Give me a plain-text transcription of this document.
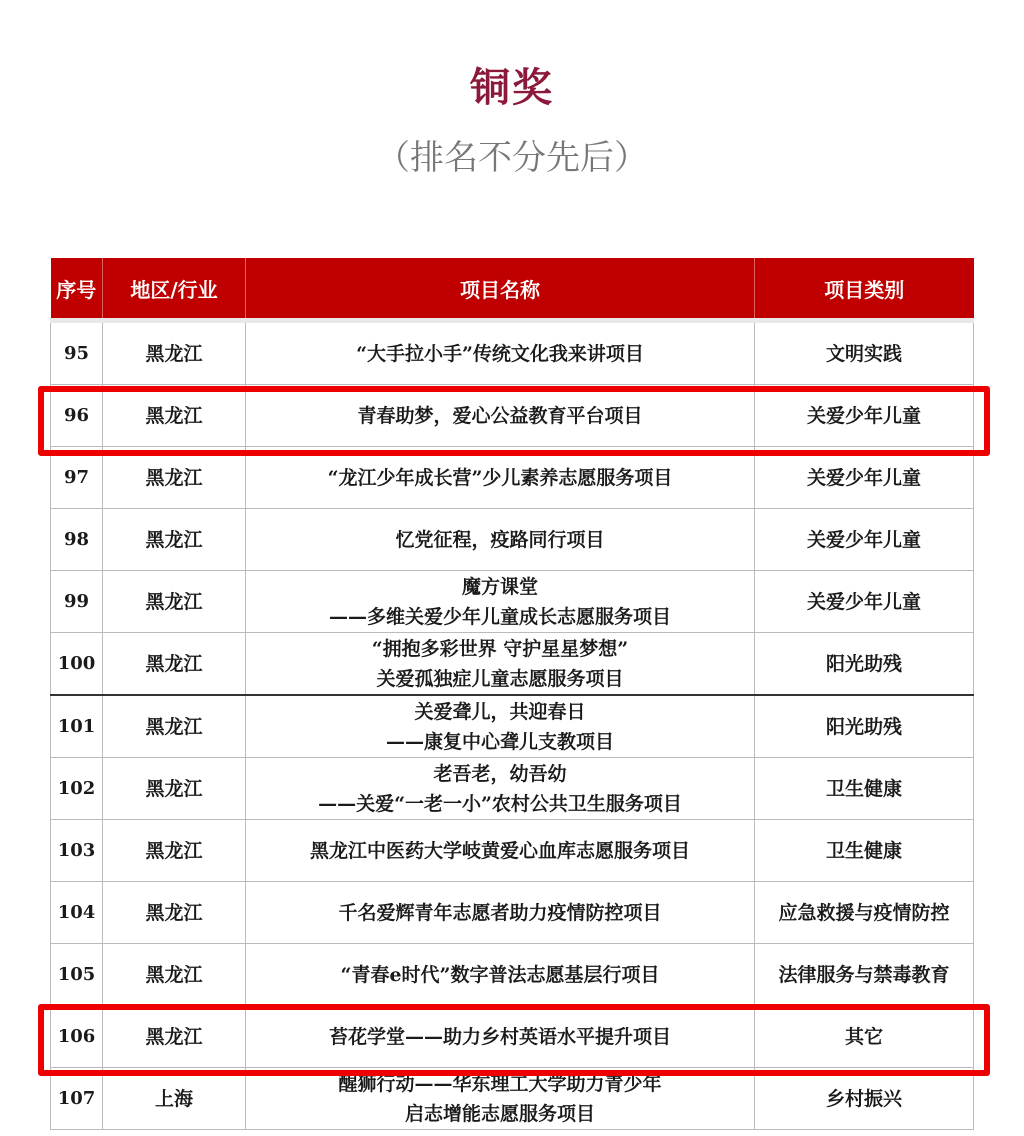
铜奖
（排名不分先后）
序号	地区/行业	项目名称	项目类别
95	黑龙江	“大手拉小手”传统文化我来讲项目	文明实践
96	黑龙江	青春助梦，爱心公益教育平台项目	关爱少年儿童
97	黑龙江	“龙江少年成长营”少儿素养志愿服务项目	关爱少年儿童
98	黑龙江	忆党征程，疫路同行项目	关爱少年儿童
99	黑龙江	魔方课堂
——多维关爱少年儿童成长志愿服务项目	关爱少年儿童
100	黑龙江	“拥抱多彩世界 守护星星梦想”
关爱孤独症儿童志愿服务项目	阳光助残
101	黑龙江	关爱聋儿，共迎春日
——康复中心聋儿支教项目	阳光助残
102	黑龙江	老吾老，幼吾幼
——关爱“一老一小”农村公共卫生服务项目	卫生健康
103	黑龙江	黑龙江中医药大学岐黄爱心血库志愿服务项目	卫生健康
104	黑龙江	千名爱辉青年志愿者助力疫情防控项目	应急救援与疫情防控
105	黑龙江	“青春e时代”数字普法志愿基层行项目	法律服务与禁毒教育
106	黑龙江	苔花学堂——助力乡村英语水平提升项目	其它
107	上海	醒狮行动——华东理工大学助力青少年
启志增能志愿服务项目	乡村振兴
